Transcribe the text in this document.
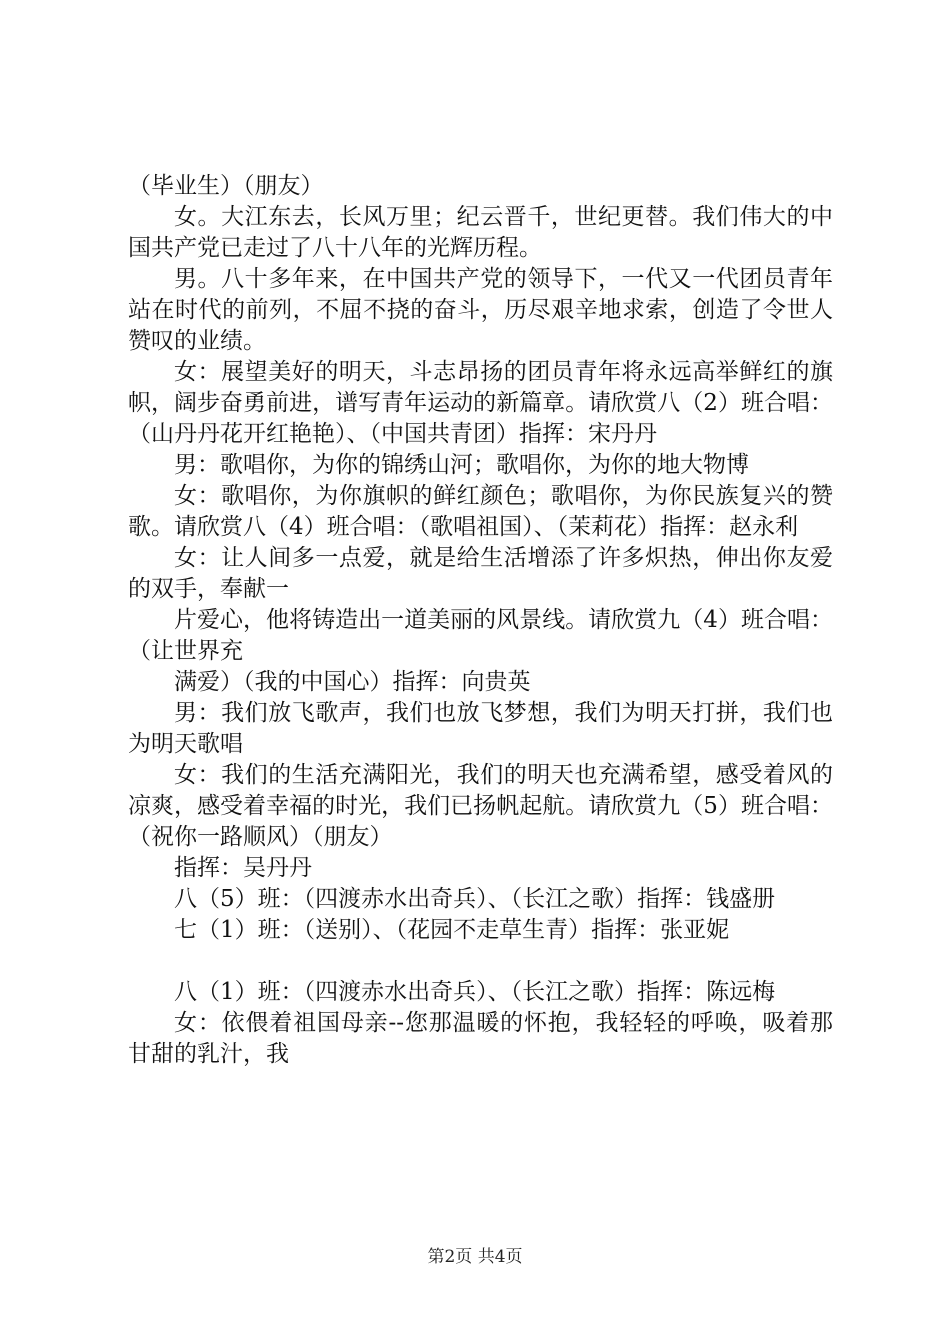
（毕业生）（朋友）

女。大江东去，长风万里；纪云晋千，世纪更替。我们伟大的中国共产党已走过了八十八年的光辉历程。

男。八十多年来，在中国共产党的领导下，一代又一代团员青年站在时代的前列，不屈不挠的奋斗，历尽艰辛地求索，创造了令世人赞叹的业绩。

女：展望美好的明天，斗志昂扬的团员青年将永远高举鲜红的旗帜，阔步奋勇前进，谱写青年运动的新篇章。请欣赏八（2）班合唱：（山丹丹花开红艳艳）、（中国共青团）指挥：宋丹丹

男：歌唱你，为你的锦绣山河；歌唱你，为你的地大物博

女：歌唱你，为你旗帜的鲜红颜色；歌唱你，为你民族复兴的赞歌。请欣赏八（4）班合唱：（歌唱祖国）、（茉莉花）指挥：赵永利

女：让人间多一点爱，就是给生活增添了许多炽热，伸出你友爱的双手，奉献一

片爱心，他将铸造出一道美丽的风景线。请欣赏九（4）班合唱：（让世界充

满爱）（我的中国心）指挥：向贵英

男：我们放飞歌声，我们也放飞梦想，我们为明天打拼，我们也为明天歌唱

女：我们的生活充满阳光，我们的明天也充满希望，感受着风的凉爽，感受着幸福的时光，我们已扬帆起航。请欣赏九（5）班合唱：（祝你一路顺风）（朋友）

指挥：吴丹丹

八（5）班：（四渡赤水出奇兵）、（长江之歌）指挥：钱盛册

七（1）班：（送别）、（花园不走草生青）指挥：张亚妮

八（1）班：（四渡赤水出奇兵）、（长江之歌）指挥：陈远梅

女：依偎着祖国母亲--您那温暖的怀抱，我轻轻的呼唤，吸着那甘甜的乳汁，我

第2页 共4页
